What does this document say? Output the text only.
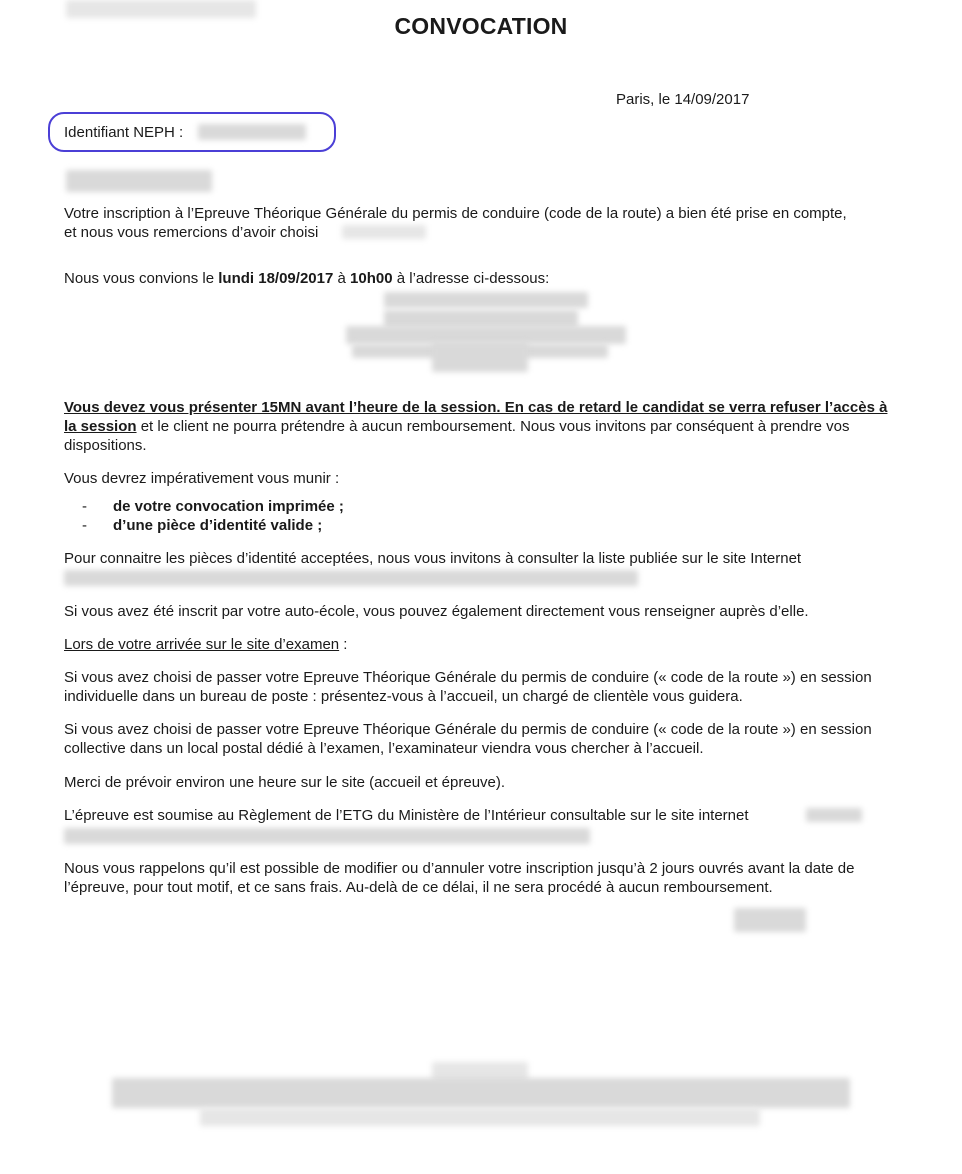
CONVOCATION
Paris, le 14/09/2017
Identifiant NEPH :

Votre inscription à l’Epreuve Théorique Générale du permis de conduire (code de la route) a bien été prise en compte,
et nous vous remercions d’avoir choisi

Nous vous convions le lundi 18/09/2017 à 10h00 à l’adresse ci-dessous:

Vous devez vous présenter 15MN avant l’heure de la session. En cas de retard le candidat se verra refuser l’accès à la session et le client ne pourra prétendre à aucun remboursement. Nous vous invitons par conséquent à prendre vos dispositions.

Vous devrez impérativement vous munir :

-	de votre convocation imprimée ;
-	d’une pièce d’identité valide ;

Pour connaitre les pièces d’identité acceptées, nous vous invitons à consulter la liste publiée sur le site Internet

Si vous avez été inscrit par votre auto-école, vous pouvez également directement vous renseigner auprès d’elle.

Lors de votre arrivée sur le site d’examen :

Si vous avez choisi de passer votre Epreuve Théorique Générale du permis de conduire (« code de la route ») en session individuelle dans un bureau de poste : présentez-vous à l’accueil, un chargé de clientèle vous guidera.

Si vous avez choisi de passer votre Epreuve Théorique Générale du permis de conduire (« code de la route ») en session collective dans un local postal dédié à l’examen, l’examinateur viendra vous chercher à l’accueil.

Merci de prévoir environ une heure sur le site (accueil et épreuve).

L’épreuve est soumise au Règlement de l’ETG du Ministère de l’Intérieur consultable sur le site internet

Nous vous rappelons qu’il est possible de modifier ou d’annuler votre inscription jusqu’à 2 jours ouvrés avant la date de l’épreuve, pour tout motif, et ce sans frais. Au-delà de ce délai, il ne sera procédé à aucun remboursement.
